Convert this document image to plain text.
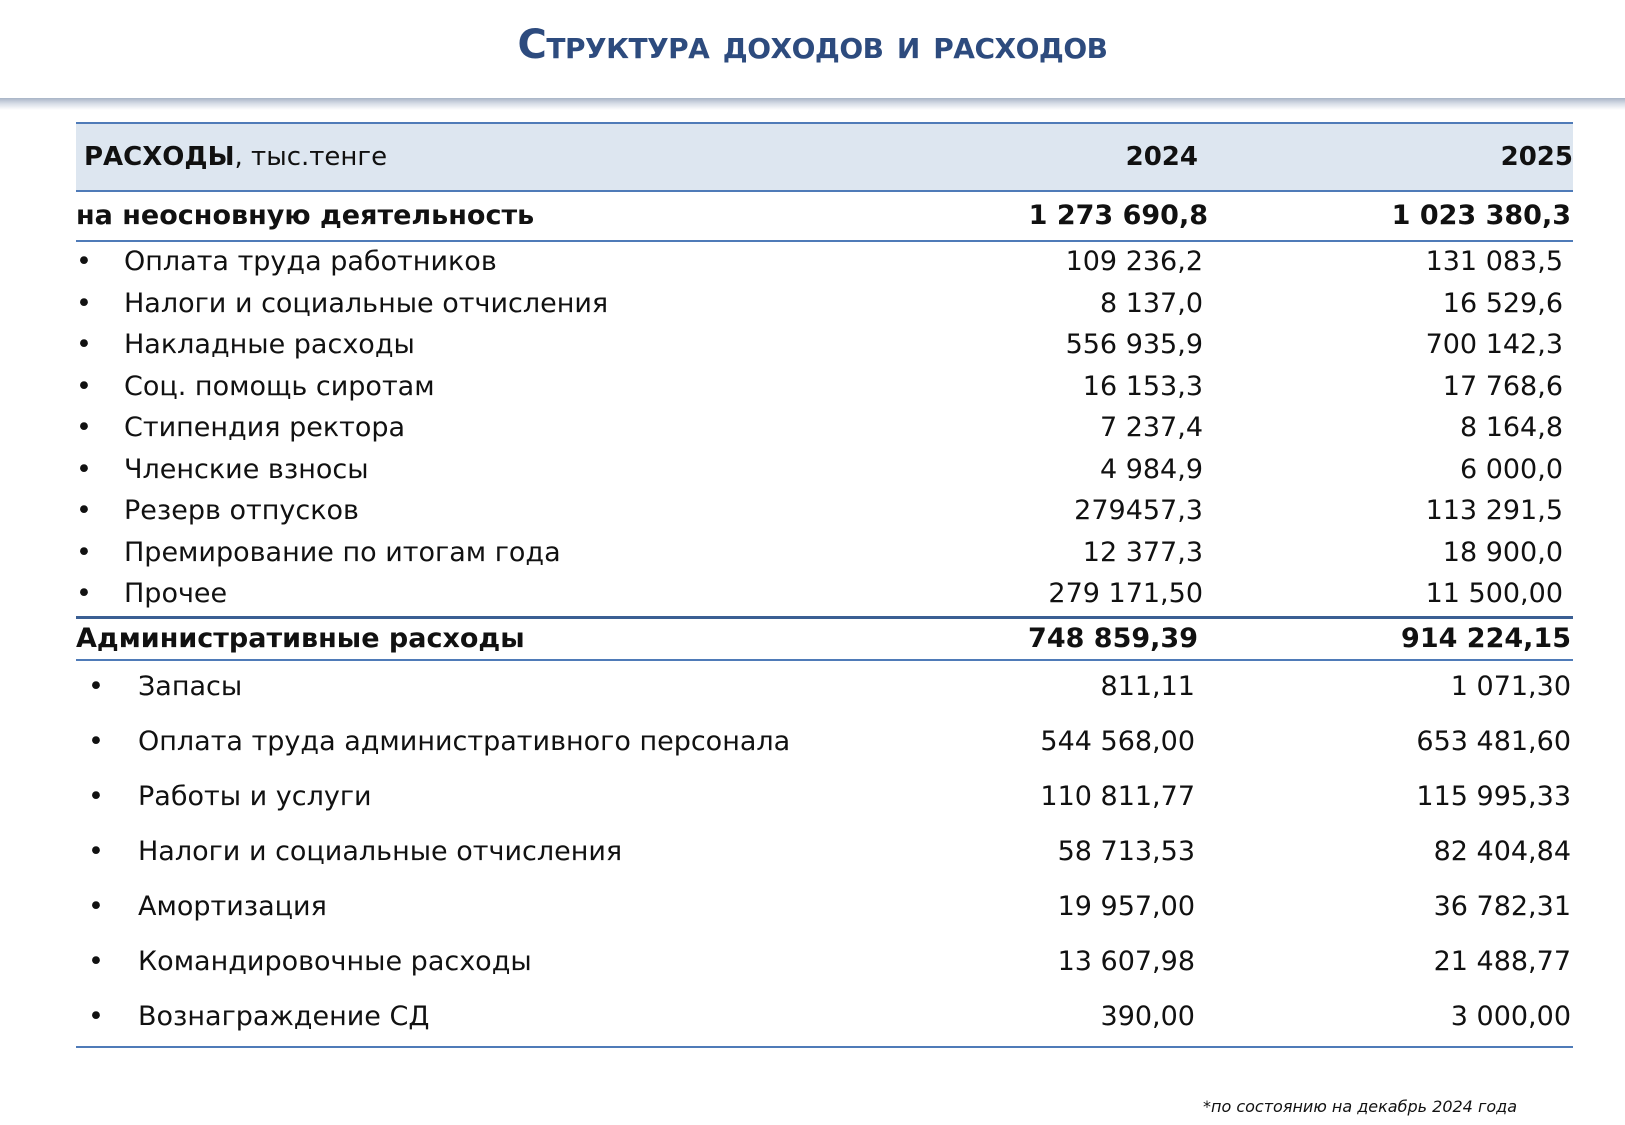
Структура доходов и расходов
РАСХОДЫ, тыс.тенге	2024	2025
на неосновную деятельность	1 273 690,8	1 023 380,3
• Оплата труда работников	109 236,2	131 083,5
• Налоги и социальные отчисления	8 137,0	16 529,6
• Накладные расходы	556 935,9	700 142,3
• Соц. помощь сиротам	16 153,3	17 768,6
• Стипендия ректора	7 237,4	8 164,8
• Членские взносы	4 984,9	6 000,0
• Резерв отпусков	279457,3	113 291,5
• Премирование по итогам года	12 377,3	18 900,0
• Прочее	279 171,50	11 500,00
Административные расходы	748 859,39	914 224,15
• Запасы	811,11	1 071,30
• Оплата труда административного персонала	544 568,00	653 481,60
• Работы и услуги	110 811,77	115 995,33
• Налоги и социальные отчисления	58 713,53	82 404,84
• Амортизация	19 957,00	36 782,31
• Командировочные расходы	13 607,98	21 488,77
• Вознаграждение СД	390,00	3 000,00
*по состоянию на декабрь 2024 года
